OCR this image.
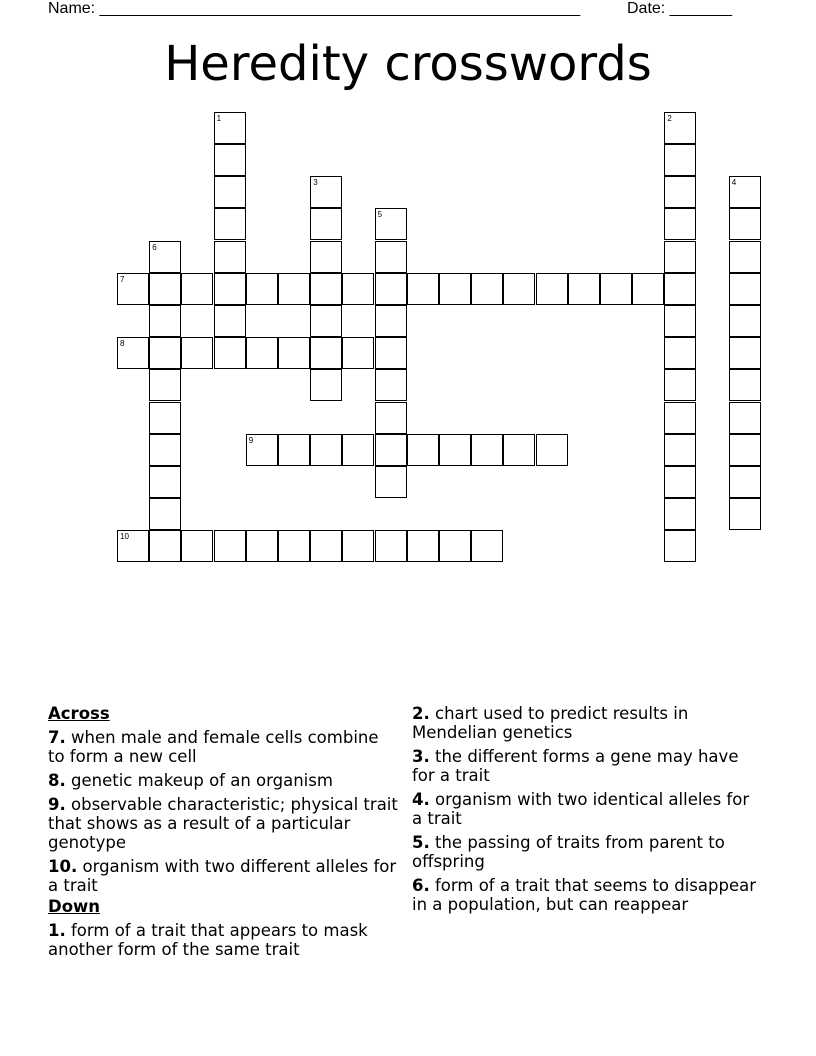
Name: ______________________________________________________	Date: _______
Heredity crosswords
1	2
3	4
5
6
7
8
9
10
Across
7. when male and female cells combine to form a new cell
8. genetic makeup of an organism
9. observable characteristic; physical trait that shows as a result of a particular genotype
10. organism with two different alleles for a trait
Down
1. form of a trait that appears to mask another form of the same trait
2. chart used to predict results in Mendelian genetics
3. the different forms a gene may have for a trait
4. organism with two identical alleles for a trait
5. the passing of traits from parent to offspring
6. form of a trait that seems to disappear in a population, but can reappear
